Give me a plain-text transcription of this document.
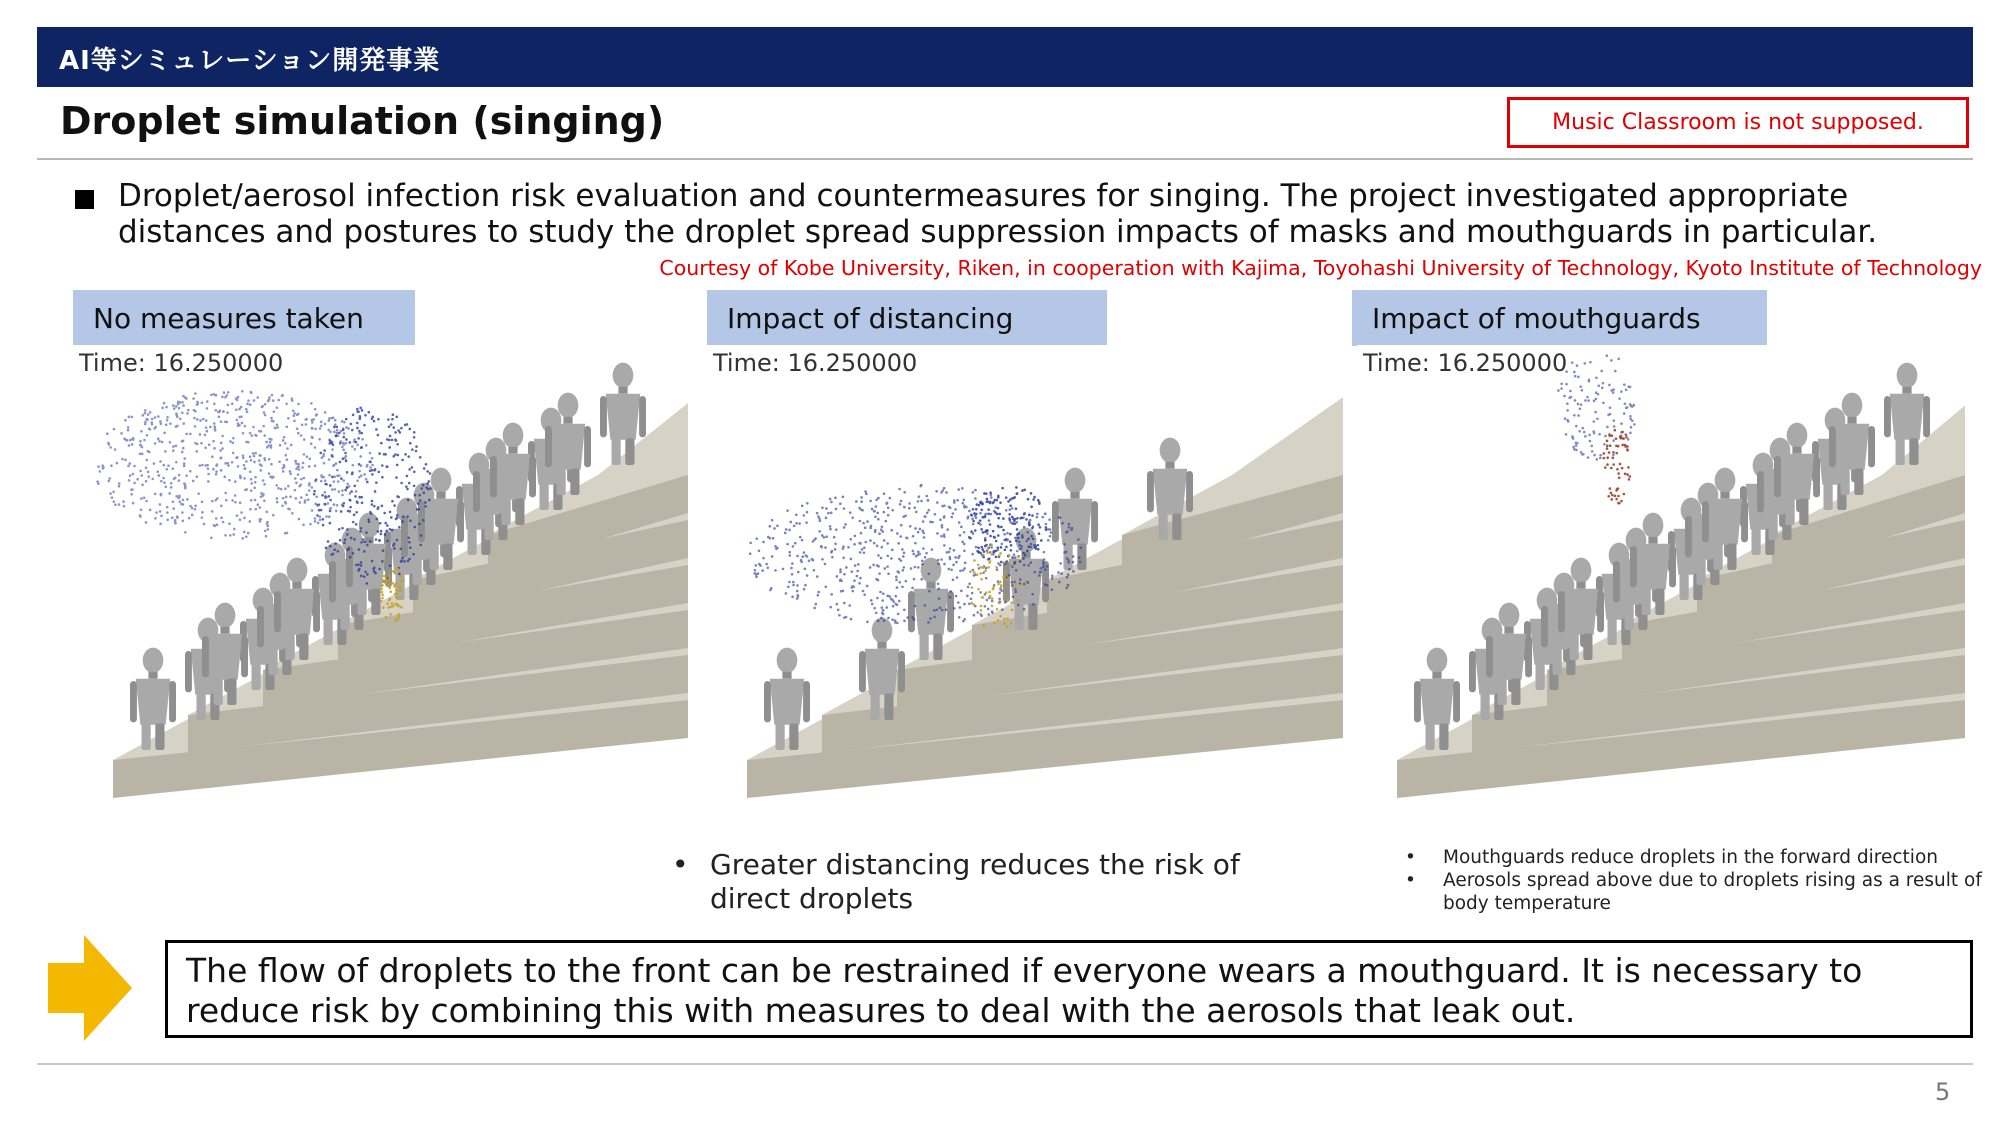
AI等シミュレーション開発事業
Droplet simulation (singing)	Music Classroom is not supposed.
Droplet/aerosol infection risk evaluation and countermeasures for singing. The project investigated appropriate distances and postures to study the droplet spread suppression impacts of masks and mouthguards in particular.
Courtesy of Kobe University, Riken, in cooperation with Kajima, Toyohashi University of Technology, Kyoto Institute of Technology
No measures taken	Impact of distancing	Impact of mouthguards
Time: 16.250000	Time: 16.250000	Time: 16.250000
• Greater distancing reduces the risk of direct droplets
• Mouthguards reduce droplets in the forward direction
• Aerosols spread above due to droplets rising as a result of body temperature
The flow of droplets to the front can be restrained if everyone wears a mouthguard. It is necessary to reduce risk by combining this with measures to deal with the aerosols that leak out.
5
